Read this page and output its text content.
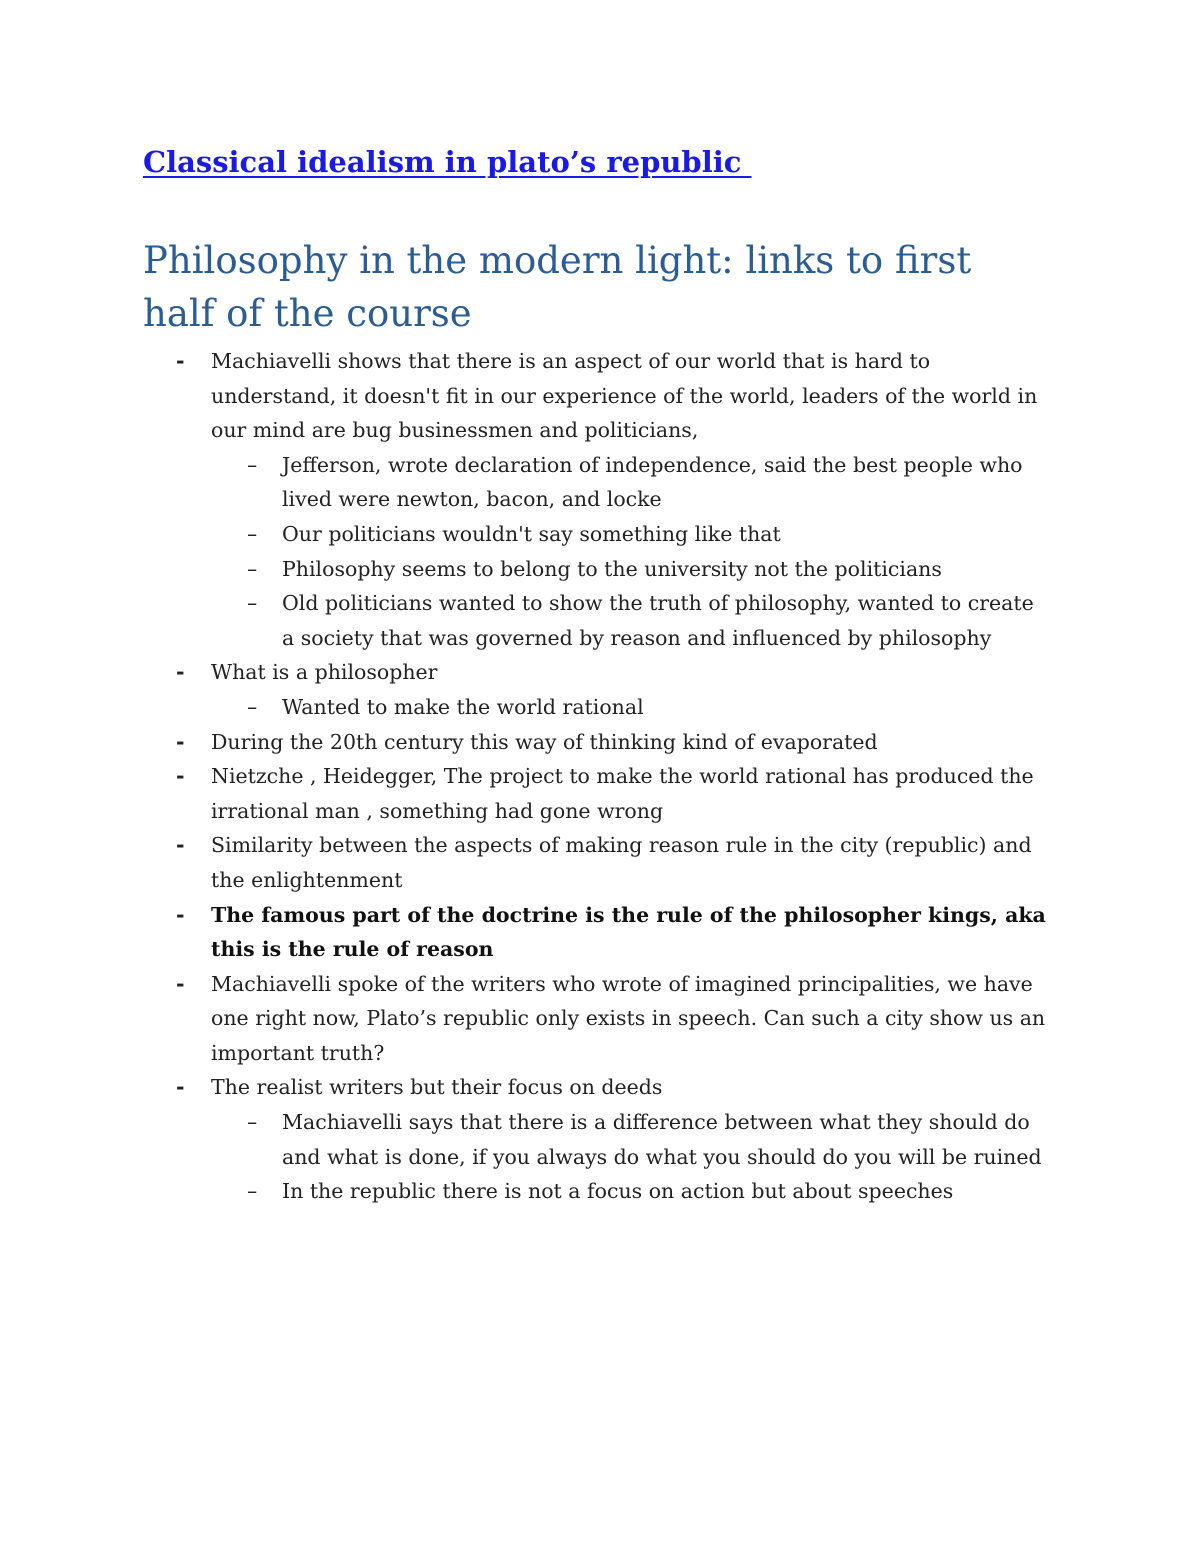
Classical idealism in plato’s republic
Philosophy in the modern light: links to first half of the course
- Machiavelli shows that there is an aspect of our world that is hard to understand, it doesn't fit in our experience of the world, leaders of the world in our mind are bug businessmen and politicians,
– Jefferson, wrote declaration of independence, said the best people who lived were newton, bacon, and locke
– Our politicians wouldn't say something like that
– Philosophy seems to belong to the university not the politicians
– Old politicians wanted to show the truth of philosophy, wanted to create a society that was governed by reason and influenced by philosophy
- What is a philosopher
– Wanted to make the world rational
- During the 20th century this way of thinking kind of evaporated
- Nietzche , Heidegger, The project to make the world rational has produced the irrational man , something had gone wrong
- Similarity between the aspects of making reason rule in the city (republic) and the enlightenment
- The famous part of the doctrine is the rule of the philosopher kings, aka this is the rule of reason
- Machiavelli spoke of the writers who wrote of imagined principalities, we have one right now, Plato’s republic only exists in speech. Can such a city show us an important truth?
- The realist writers but their focus on deeds
– Machiavelli says that there is a difference between what they should do and what is done, if you always do what you should do you will be ruined
– In the republic there is not a focus on action but about speeches
